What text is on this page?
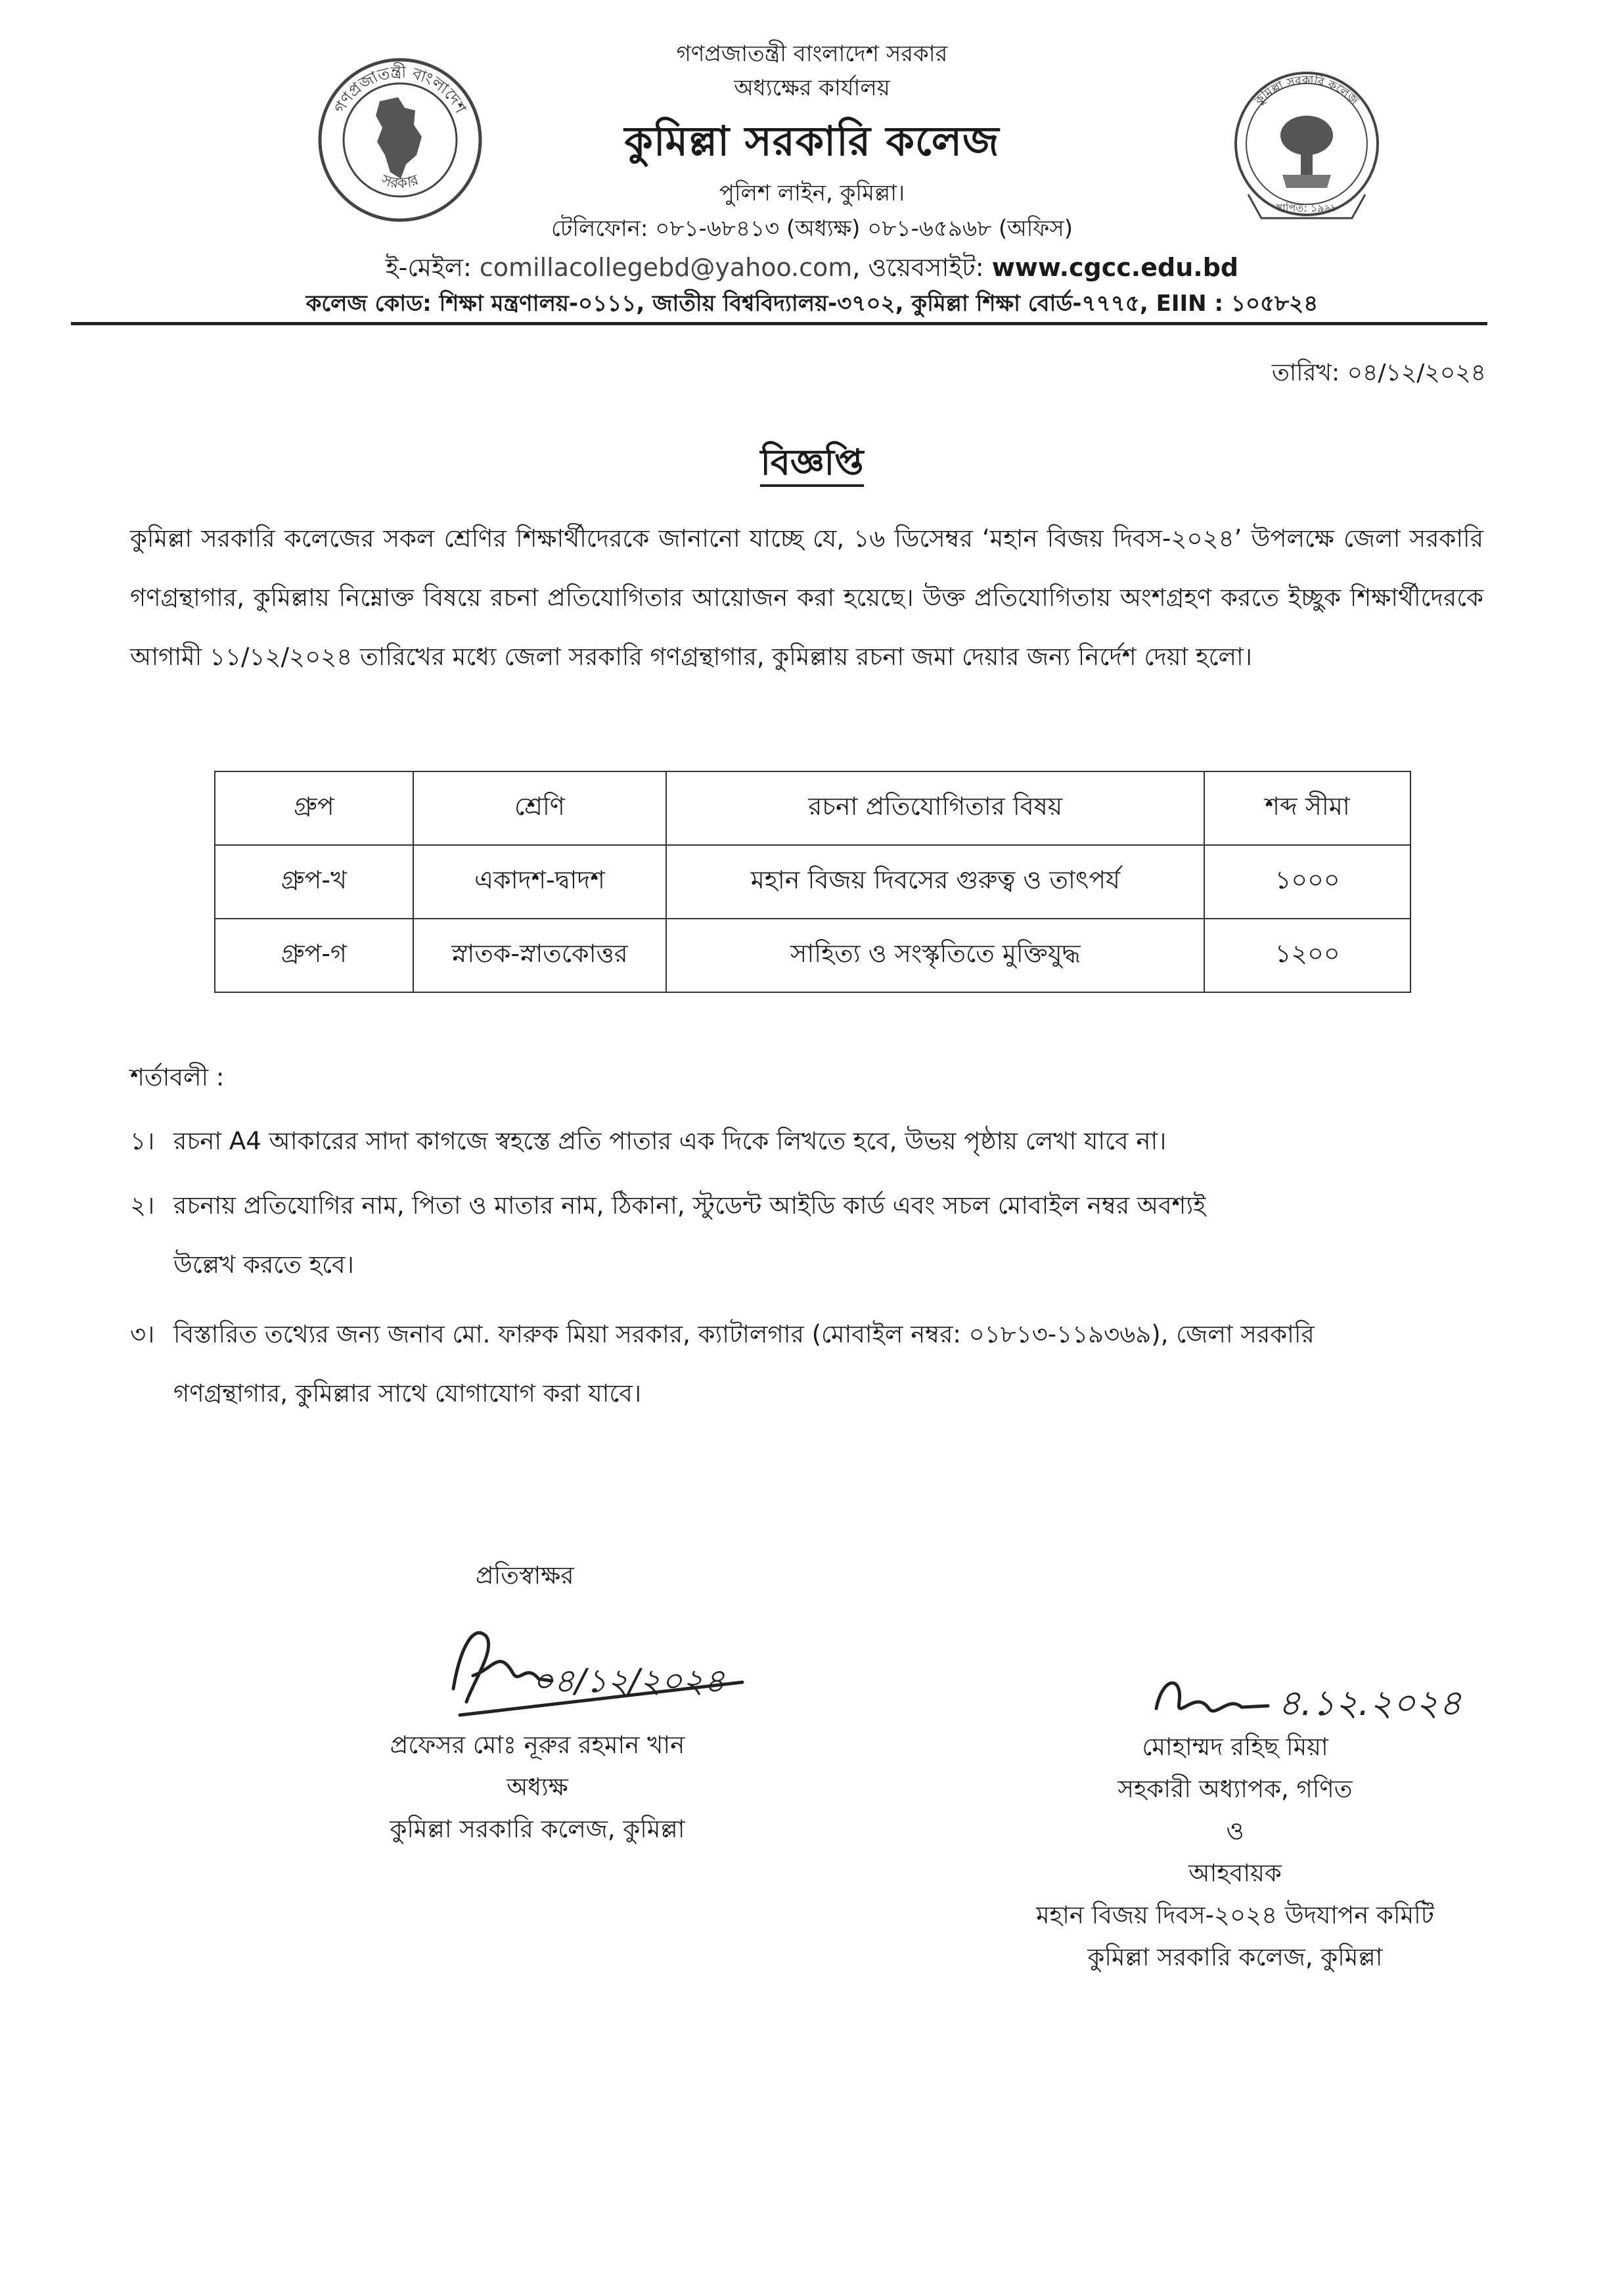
গণপ্রজাতন্ত্রী বাংলাদেশ
সরকার
কুমিল্লা সরকারি কলেজ
স্থাপিত: ১৯৯৮
গণপ্রজাতন্ত্রী বাংলাদেশ সরকার
অধ্যক্ষের কার্যালয়
কুমিল্লা সরকারি কলেজ
পুলিশ লাইন, কুমিল্লা।
টেলিফোন: ০৮১-৬৮৪১৩ (অধ্যক্ষ) ০৮১-৬৫৯৬৮ (অফিস)
ই-মেইল: comillacollegebd@yahoo.com, ওয়েবসাইট: www.cgcc.edu.bd
কলেজ কোড: শিক্ষা মন্ত্রণালয়-০১১১, জাতীয় বিশ্ববিদ্যালয়-৩৭০২, কুমিল্লা শিক্ষা বোর্ড-৭৭৭৫, EIIN : ১০৫৮২৪
তারিখ: ০৪/১২/২০২৪
বিজ্ঞপ্তি
কুমিল্লা সরকারি কলেজের সকল শ্রেণির শিক্ষার্থীদেরকে জানানো যাচ্ছে যে, ১৬ ডিসেম্বর ‘মহান বিজয় দিবস-২০২৪’ উপলক্ষে জেলা সরকারি গণগ্রন্থাগার, কুমিল্লায় নিম্নোক্ত বিষয়ে রচনা প্রতিযোগিতার আয়োজন করা হয়েছে। উক্ত প্রতিযোগিতায় অংশগ্রহণ করতে ইচ্ছুক শিক্ষার্থীদেরকে আগামী ১১/১২/২০২৪ তারিখের মধ্যে জেলা সরকারি গণগ্রন্থাগার, কুমিল্লায় রচনা জমা দেয়ার জন্য নির্দেশ দেয়া হলো।
গ্রুপ	শ্রেণি	রচনা প্রতিযোগিতার বিষয়	শব্দ সীমা
গ্রুপ-খ	একাদশ-দ্বাদশ	মহান বিজয় দিবসের গুরুত্ব ও তাৎপর্য	১০০০
গ্রুপ-গ	স্নাতক-স্নাতকোত্তর	সাহিত্য ও সংস্কৃতিতে মুক্তিযুদ্ধ	১২০০
শর্তাবলী :
১। রচনা A4 আকারের সাদা কাগজে স্বহস্তে প্রতি পাতার এক দিকে লিখতে হবে, উভয় পৃষ্ঠায় লেখা যাবে না।
২। রচনায় প্রতিযোগির নাম, পিতা ও মাতার নাম, ঠিকানা, স্টুডেন্ট আইডি কার্ড এবং সচল মোবাইল নম্বর অবশ্যই
উল্লেখ করতে হবে।
৩। বিস্তারিত তথ্যের জন্য জনাব মো. ফারুক মিয়া সরকার, ক্যাটালগার (মোবাইল নম্বর: ০১৮১৩-১১৯৩৬৯), জেলা সরকারি
গণগ্রন্থাগার, কুমিল্লার সাথে যোগাযোগ করা যাবে।
প্রতিস্বাক্ষর
০৪/১২/২০২৪
প্রফেসর মোঃ নূরুর রহমান খান
অধ্যক্ষ
কুমিল্লা সরকারি কলেজ, কুমিল্লা
৪.১২.২০২৪
মোহাম্মদ রহিছ মিয়া
সহকারী অধ্যাপক, গণিত
ও
আহবায়ক
মহান বিজয় দিবস-২০২৪ উদযাপন কমিটি
কুমিল্লা সরকারি কলেজ, কুমিল্লা
